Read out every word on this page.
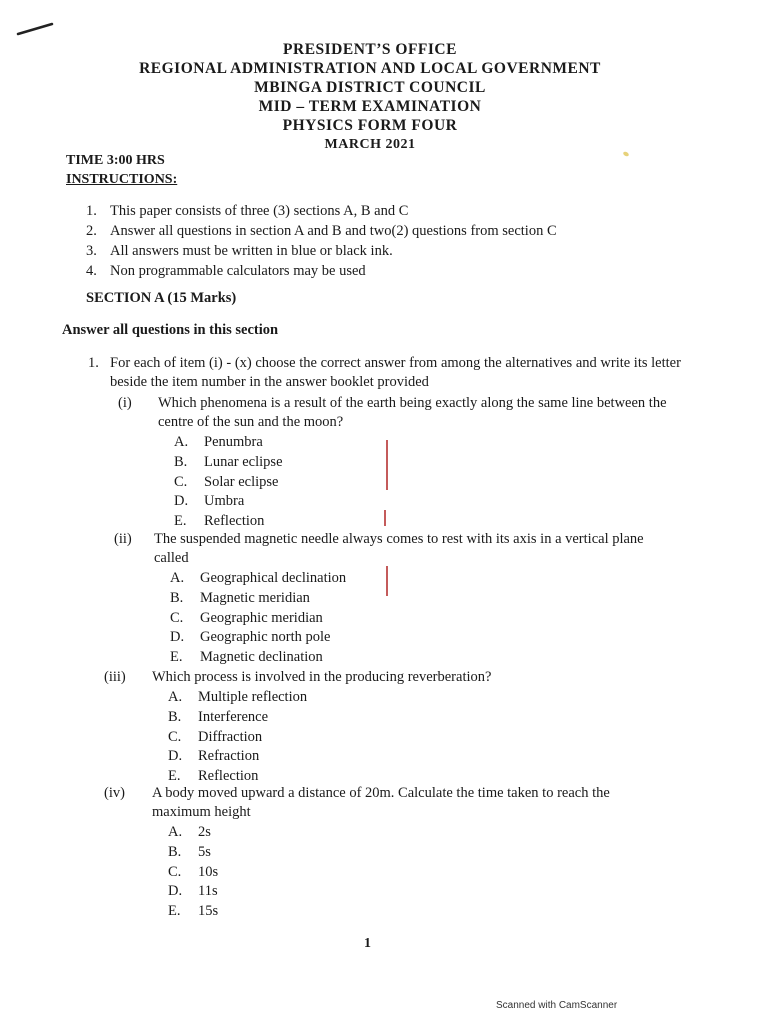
PRESIDENT’S OFFICE
REGIONAL ADMINISTRATION AND LOCAL GOVERNMENT
MBINGA DISTRICT COUNCIL
MID – TERM EXAMINATION
PHYSICS FORM FOUR
MARCH 2021
TIME 3:00 HRS
INSTRUCTIONS:
1. This paper consists of three (3) sections A, B and C
2. Answer all questions in section A and B and two(2) questions from section C
3. All answers must be written in blue or black ink.
4. Non programmable calculators may be used
SECTION A (15 Marks)
Answer all questions in this section
1. For each of item (i) - (x) choose the correct answer from among the alternatives and write its letter beside the item number in the answer booklet provided
(i) Which phenomena is a result of the earth being exactly along the same line between the centre of the sun and the moon?
A.	Penumbra
B.	Lunar eclipse
C.	Solar eclipse
D.	Umbra
E.	Reflection
(ii) The suspended magnetic needle always comes to rest with its axis in a vertical plane called
A.	Geographical declination
B.	Magnetic meridian
C.	Geographic meridian
D.	Geographic north pole
E.	Magnetic declination
(iii) Which process is involved in the producing reverberation?
A.	Multiple reflection
B.	Interference
C.	Diffraction
D.	Refraction
E.	Reflection
(iv) A body moved upward a distance of 20m. Calculate the time taken to reach the maximum height
A.	2s
B.	5s
C.	10s
D.	11s
E.	15s
1
Scanned with CamScanner
